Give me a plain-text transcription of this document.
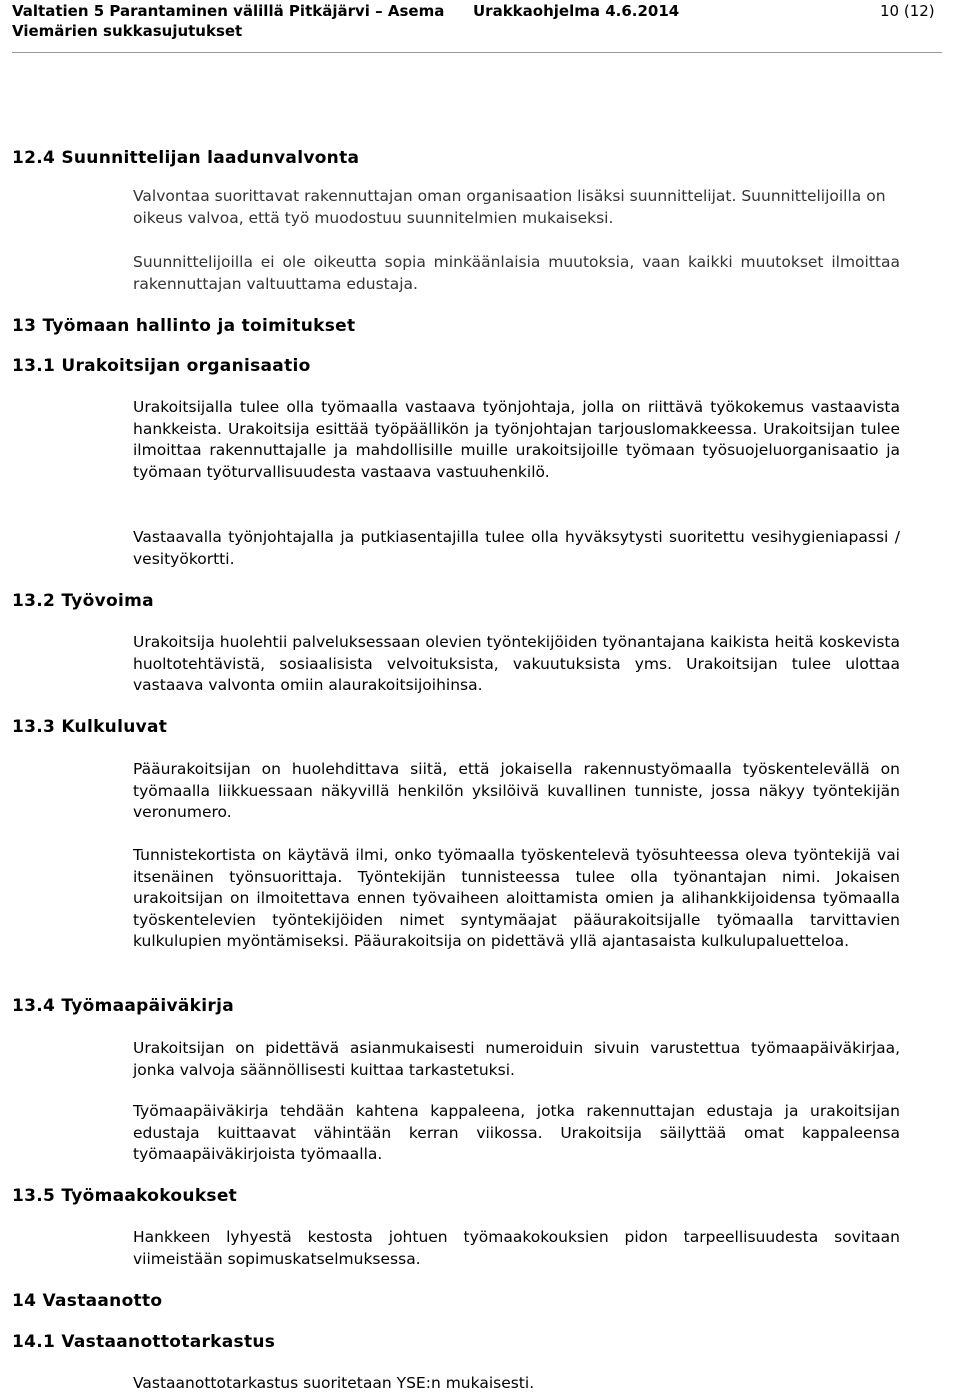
Valtatien 5 Parantaminen välillä Pitkäjärvi – Asema
Viemärien sukkasujutukset
Urakkaohjelma 4.6.2014	10 (12)
12.4 Suunnittelijan laadunvalvonta
Valvontaa suorittavat rakennuttajan oman organisaation lisäksi suunnittelijat. Suunnittelijoilla on oikeus valvoa, että työ muodostuu suunnitelmien mukaiseksi.
Suunnittelijoilla ei ole oikeutta sopia minkäänlaisia muutoksia, vaan kaikki muutokset ilmoittaa rakennuttajan valtuuttama edustaja.
13 Työmaan hallinto ja toimitukset
13.1 Urakoitsijan organisaatio
Urakoitsijalla tulee olla työmaalla vastaava työnjohtaja, jolla on riittävä työkokemus vastaavista hankkeista. Urakoitsija esittää työpäällikön ja työnjohtajan tarjouslomakkeessa. Urakoitsijan tulee ilmoittaa rakennuttajalle ja mahdollisille muille urakoitsijoille työmaan työsuojeluorganisaatio ja työmaan työturvallisuudesta vastaava vastuuhenkilö.
Vastaavalla työnjohtajalla ja putkiasentajilla tulee olla hyväksytysti suoritettu vesihygieniapassi / vesityökortti.
13.2 Työvoima
Urakoitsija huolehtii palveluksessaan olevien työntekijöiden työnantajana kaikista heitä koskevista huoltotehtävistä, sosiaalisista velvoituksista, vakuutuksista yms. Urakoitsijan tulee ulottaa vastaava valvonta omiin alaurakoitsijoihinsa.
13.3 Kulkuluvat
Pääurakoitsijan on huolehdittava siitä, että jokaisella rakennustyömaalla työskentelevällä on työmaalla liikkuessaan näkyvillä henkilön yksilöivä kuvallinen tunniste, jossa näkyy työntekijän veronumero.
Tunnistekortista on käytävä ilmi, onko työmaalla työskentelevä työsuhteessa oleva työntekijä vai itsenäinen työnsuorittaja. Työntekijän tunnisteessa tulee olla työnantajan nimi. Jokaisen urakoitsijan on ilmoitettava ennen työvaiheen aloittamista omien ja alihankkijoidensa työmaalla työskentelevien työntekijöiden nimet syntymäajat pääurakoitsijalle työmaalla tarvittavien kulkulupien myöntämiseksi. Pääurakoitsija on pidettävä yllä ajantasaista kulkulupaluetteloa.
13.4 Työmaapäiväkirja
Urakoitsijan on pidettävä asianmukaisesti numeroiduin sivuin varustettua työmaapäiväkirjaa, jonka valvoja säännöllisesti kuittaa tarkastetuksi.
Työmaapäiväkirja tehdään kahtena kappaleena, jotka rakennuttajan edustaja ja urakoitsijan edustaja kuittaavat vähintään kerran viikossa. Urakoitsija säilyttää omat kappaleensa työmaapäiväkirjoista työmaalla.
13.5 Työmaakokoukset
Hankkeen lyhyestä kestosta johtuen työmaakokouksien pidon tarpeellisuudesta sovitaan viimeistään sopimuskatselmuksessa.
14 Vastaanotto
14.1 Vastaanottotarkastus
Vastaanottotarkastus suoritetaan YSE:n mukaisesti.
